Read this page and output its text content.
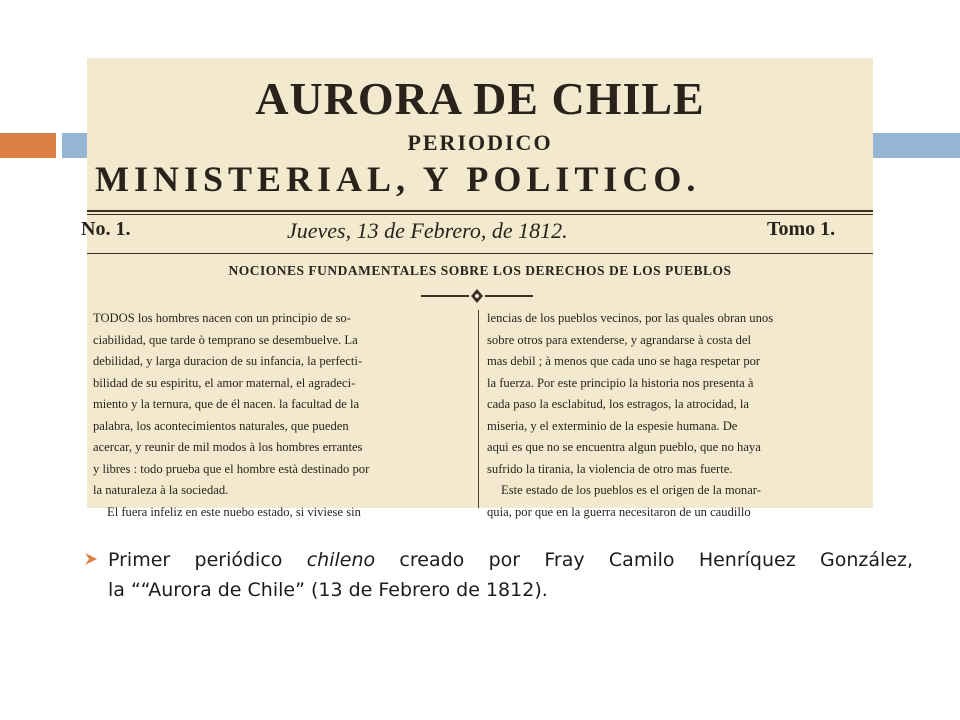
AURORA DE CHILE
PERIODICO
MINISTERIAL, Y POLITICO.
No. 1.	Jueves, 13 de Febrero, de 1812.	Tomo 1.
NOCIONES FUNDAMENTALES SOBRE LOS DERECHOS DE LOS PUEBLOS
TODOS los hombres nacen con un principio de so-
ciabilidad, que tarde ò temprano se desembuelve. La
debilidad, y larga duracion de su infancia, la perfecti-
bilidad de su espiritu, el amor maternal, el agradeci-
miento y la ternura, que de él nacen. la facultad de la
palabra, los acontecimientos naturales, que pueden
acercar, y reunir de mil modos à los hombres errantes
y libres : todo prueba que el hombre està destinado por
la naturaleza à la sociedad.
El fuera infeliz en este nuebo estado, si viviese sin
lencias de los pueblos vecinos, por las quales obran unos
sobre otros para extenderse, y agrandarse à costa del
mas debil ; à menos que cada uno se haga respetar por
la fuerza. Por este principio la historia nos presenta à
cada paso la esclabitud, los estragos, la atrocidad, la
miseria, y el exterminio de la espesie humana. De
aqui es que no se encuentra algun pueblo, que no haya
sufrido la tirania, la violencia de otro mas fuerte.
Este estado de los pueblos es el origen de la monar-
quia, por que en la guerra necesitaron de un caudillo
Primer periódico chileno creado por Fray Camilo Henríquez González,
la ““Aurora de Chile” (13 de Febrero de 1812).
